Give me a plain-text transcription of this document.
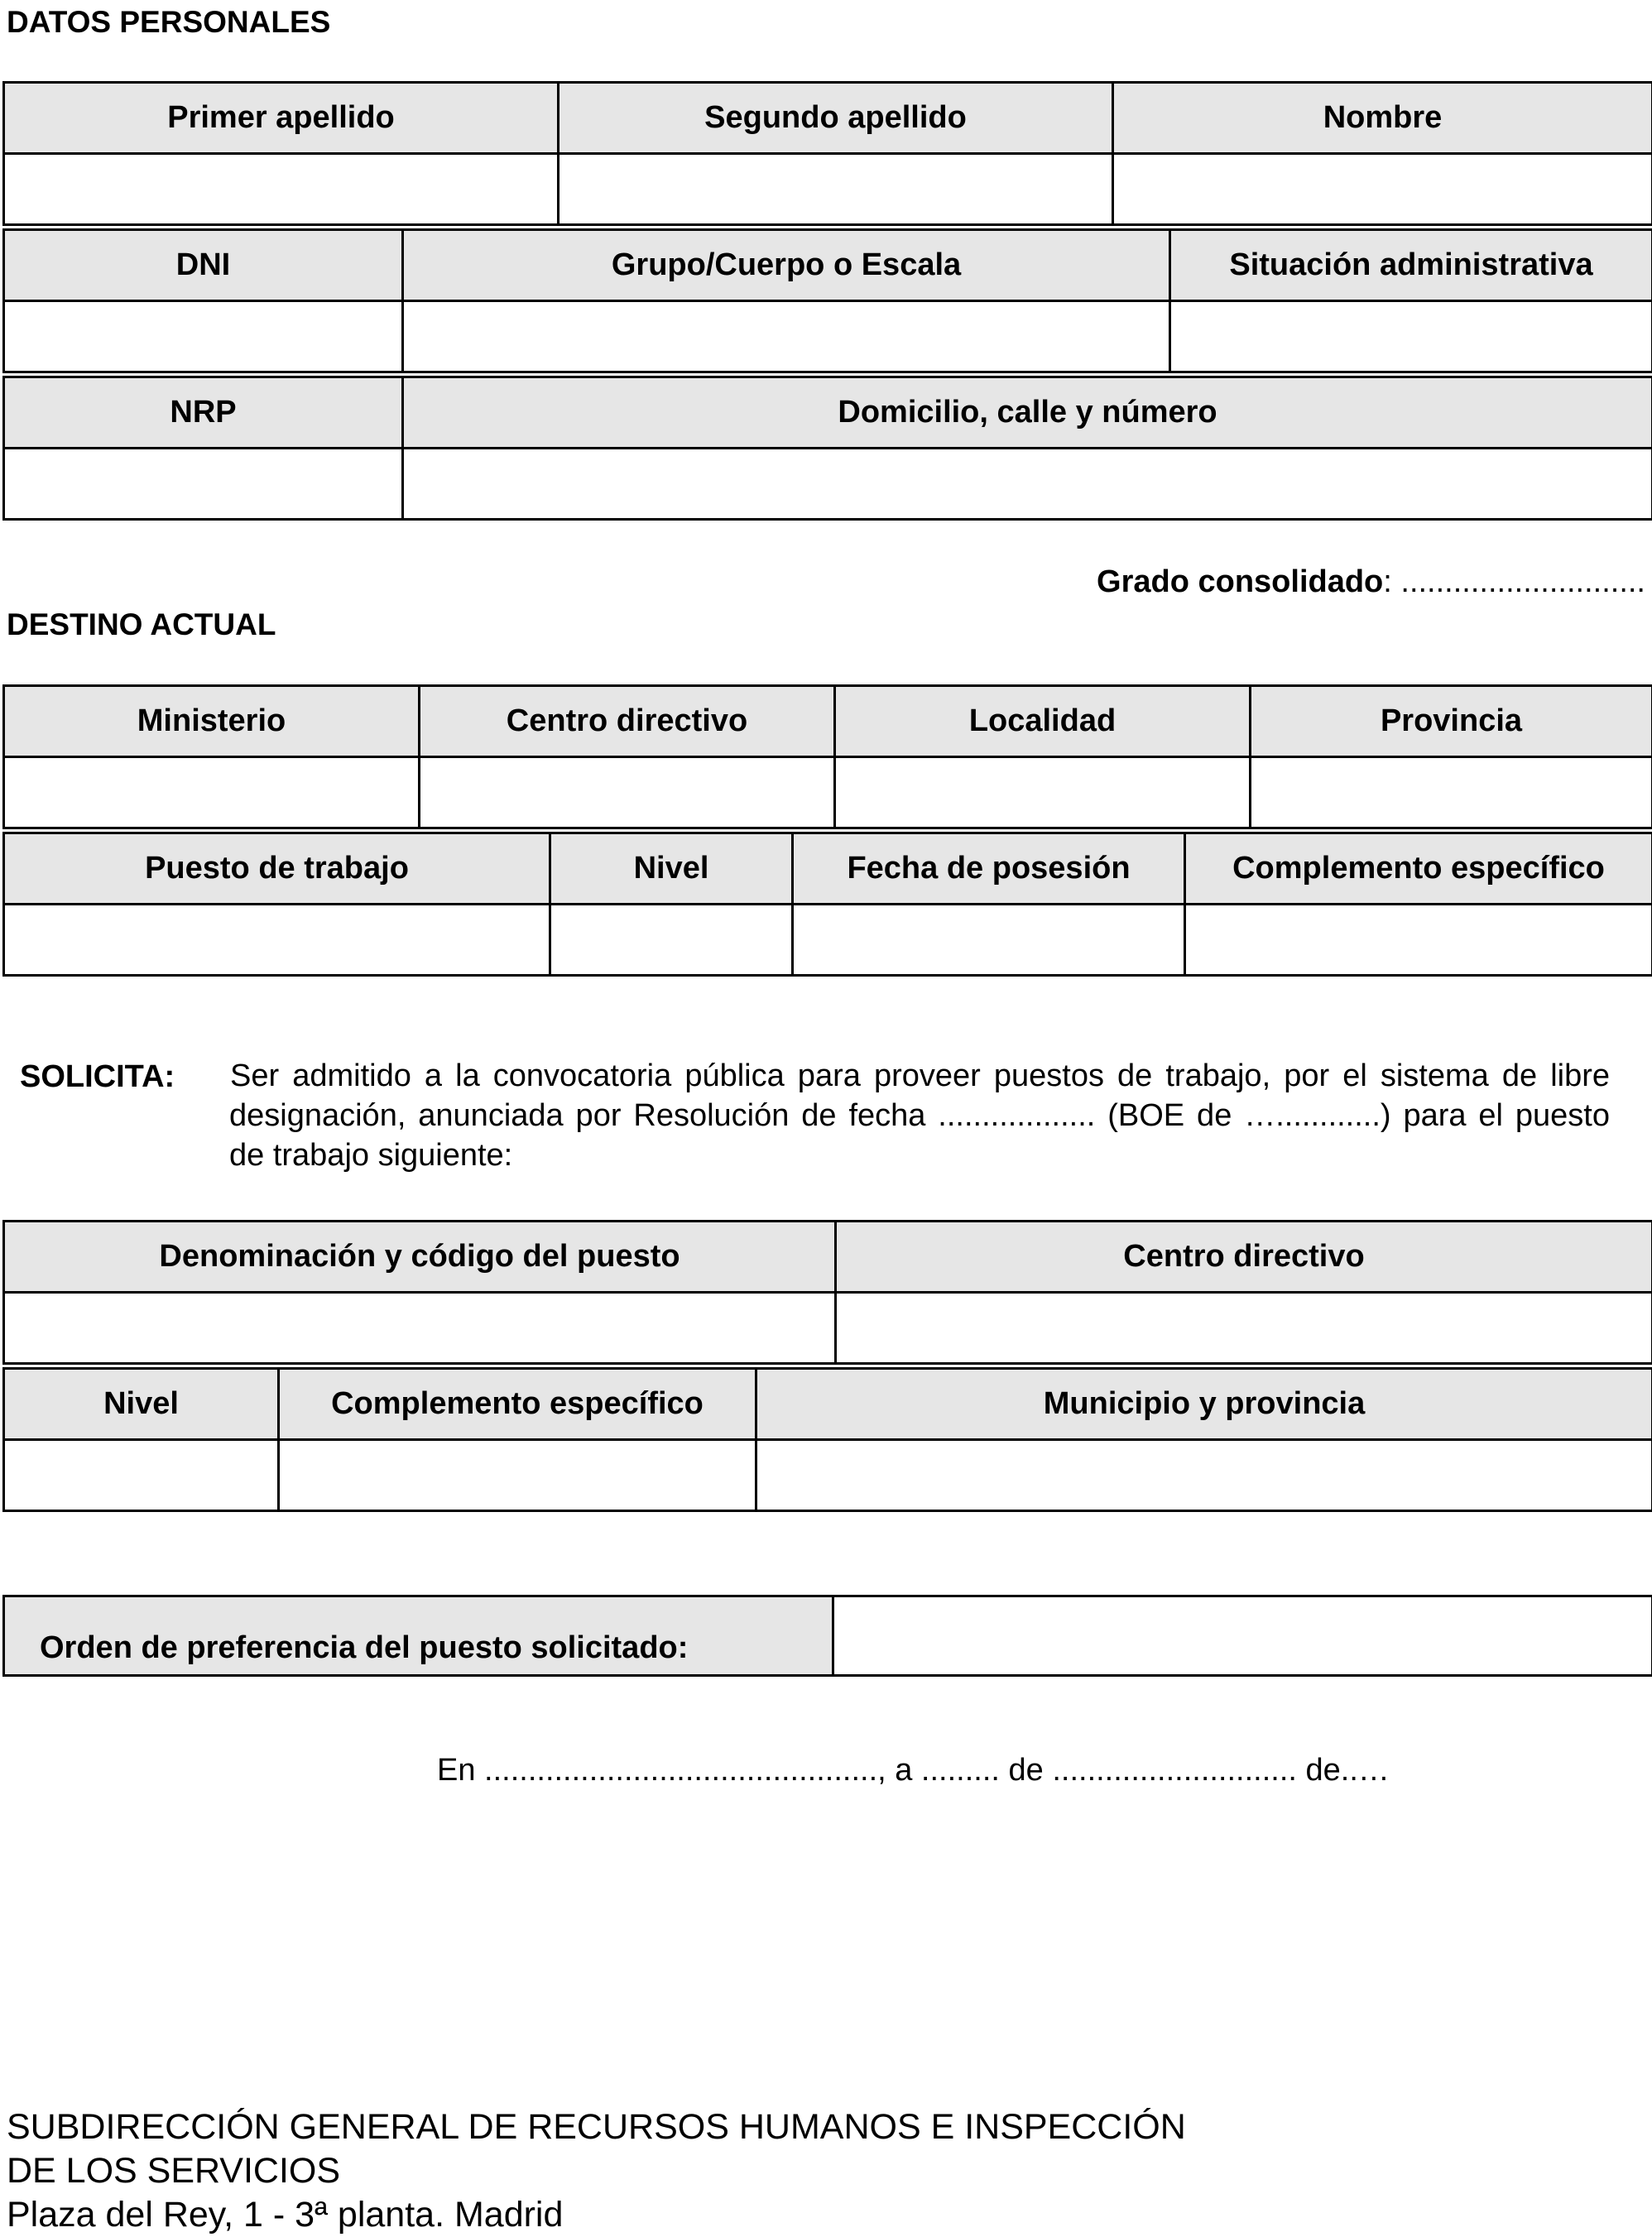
DATOS PERSONALES
Primer apellido	Segundo apellido	Nombre

DNI	Grupo/Cuerpo o Escala	Situación administrativa

NRP	Domicilio, calle y número

Grado consolidado: ............................
DESTINO ACTUAL
Ministerio	Centro directivo	Localidad	Provincia

Puesto de trabajo	Nivel	Fecha de posesión	Complemento específico

SOLICITA: Ser admitido a la convocatoria pública para proveer puestos de trabajo, por el sistema de libre designación, anunciada por Resolución de fecha .................. (BOE de …............) para el puesto de trabajo siguiente:
Denominación y código del puesto	Centro directivo

Nivel	Complemento específico	Municipio y provincia

Orden de preferencia del puesto solicitado:	
En ............................................., a ......... de ............................ de..…
SUBDIRECCIÓN GENERAL DE RECURSOS HUMANOS E INSPECCIÓN
DE LOS SERVICIOS
Plaza del Rey, 1 - 3ª planta. Madrid
